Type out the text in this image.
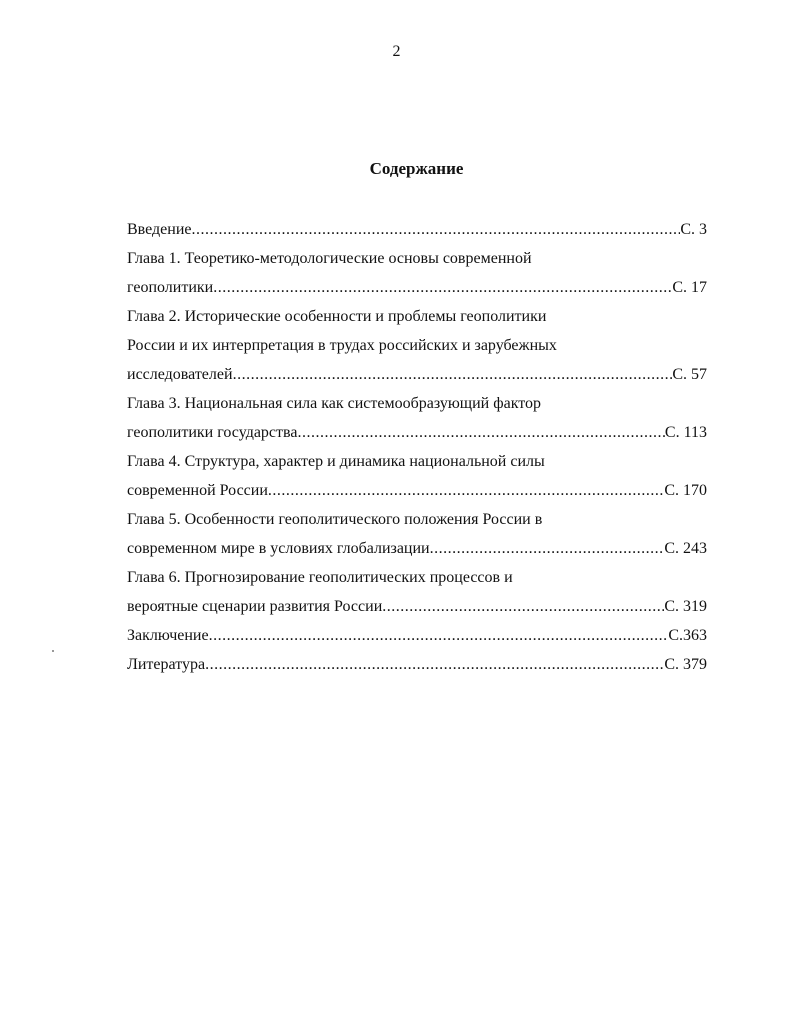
2
Содержание
Введение .....	С. 3
Глава 1. Теоретико-методологические основы современной
геополитики .....	С. 17
Глава 2. Исторические особенности и проблемы геополитики
России и их интерпретация в трудах российских и зарубежных
исследователей .....	С. 57
Глава 3. Национальная сила как системообразующий фактор
геополитики государства .....	С. 113
Глава 4. Структура, характер и динамика национальной силы
современной России .....	С. 170
Глава 5. Особенности геополитического положения России в
современном мире в условиях глобализации .....	С. 243
Глава 6. Прогнозирование геополитических процессов и
вероятные сценарии развития России .....	С. 319
Заключение .....	С.363
Литература .....	С. 379
